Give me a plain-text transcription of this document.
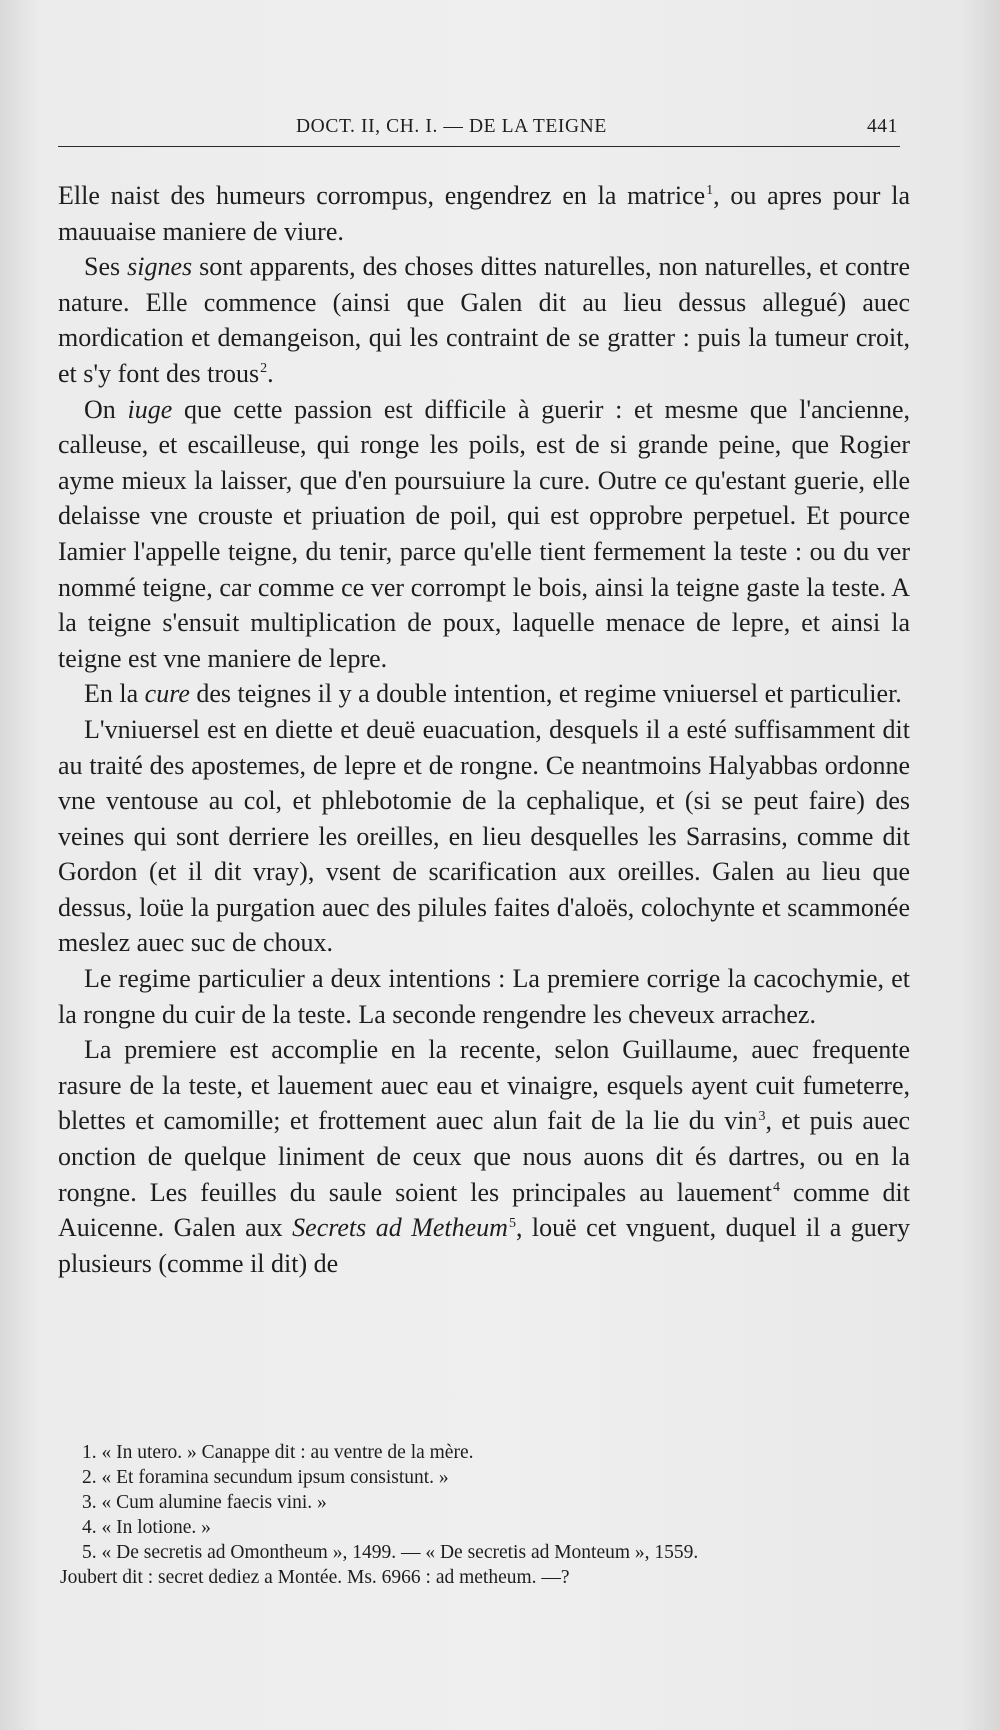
DOCT. II, CH. I. — DE LA TEIGNE	441

Elle naist des humeurs corrompus, engendrez en la matrice$^1$, ou apres pour la mauuaise maniere de viure.

Ses signes sont apparents, des choses dittes naturelles, non naturelles, et contre nature. Elle commence (ainsi que Galen dit au lieu dessus allegué) auec mordication et demangeison, qui les contraint de se gratter : puis la tumeur croit, et s'y font des trous$^2$.

On iuge que cette passion est difficile à guerir : et mesme que l'ancienne, calleuse, et escailleuse, qui ronge les poils, est de si grande peine, que Rogier ayme mieux la laisser, que d'en poursuiure la cure. Outre ce qu'estant guerie, elle delaisse vne crouste et priuation de poil, qui est opprobre perpetuel. Et pource Iamier l'appelle teigne, du tenir, parce qu'elle tient fermement la teste : ou du ver nommé teigne, car comme ce ver corrompt le bois, ainsi la teigne gaste la teste. A la teigne s'ensuit multiplication de poux, laquelle menace de lepre, et ainsi la teigne est vne maniere de lepre.

En la cure des teignes il y a double intention, et regime vniuersel et particulier.

L'vniuersel est en diette et deuë euacuation, desquels il a esté suffisamment dit au traité des apostemes, de lepre et de rongne. Ce neantmoins Halyabbas ordonne vne ventouse au col, et phlebotomie de la cephalique, et (si se peut faire) des veines qui sont derriere les oreilles, en lieu desquelles les Sarrasins, comme dit Gordon (et il dit vray), vsent de scarification aux oreilles. Galen au lieu que dessus, loüe la purgation auec des pilules faites d'aloës, colochynte et scammonée meslez auec suc de choux.

Le regime particulier a deux intentions : La premiere corrige la cacochymie, et la rongne du cuir de la teste. La seconde rengendre les cheveux arrachez.

La premiere est accomplie en la recente, selon Guillaume, auec frequente rasure de la teste, et lauement auec eau et vinaigre, esquels ayent cuit fumeterre, blettes et camomille; et frottement auec alun fait de la lie du vin$^3$, et puis auec onction de quelque liniment de ceux que nous auons dit és dartres, ou en la rongne. Les feuilles du saule soient les principales au lauement$^4$ comme dit Auicenne. Galen aux Secrets ad Metheum$^5$, louë cet vnguent, duquel il a guery plusieurs (comme il dit) de

1. « In utero. » Canappe dit : au ventre de la mère.
2. « Et foramina secundum ipsum consistunt. »
3. « Cum alumine faecis vini. »
4. « In lotione. »
5. « De secretis ad Omontheum », 1499. — « De secretis ad Monteum », 1559.
Joubert dit : secret dediez a Montée. Ms. 6966 : ad metheum. —?
